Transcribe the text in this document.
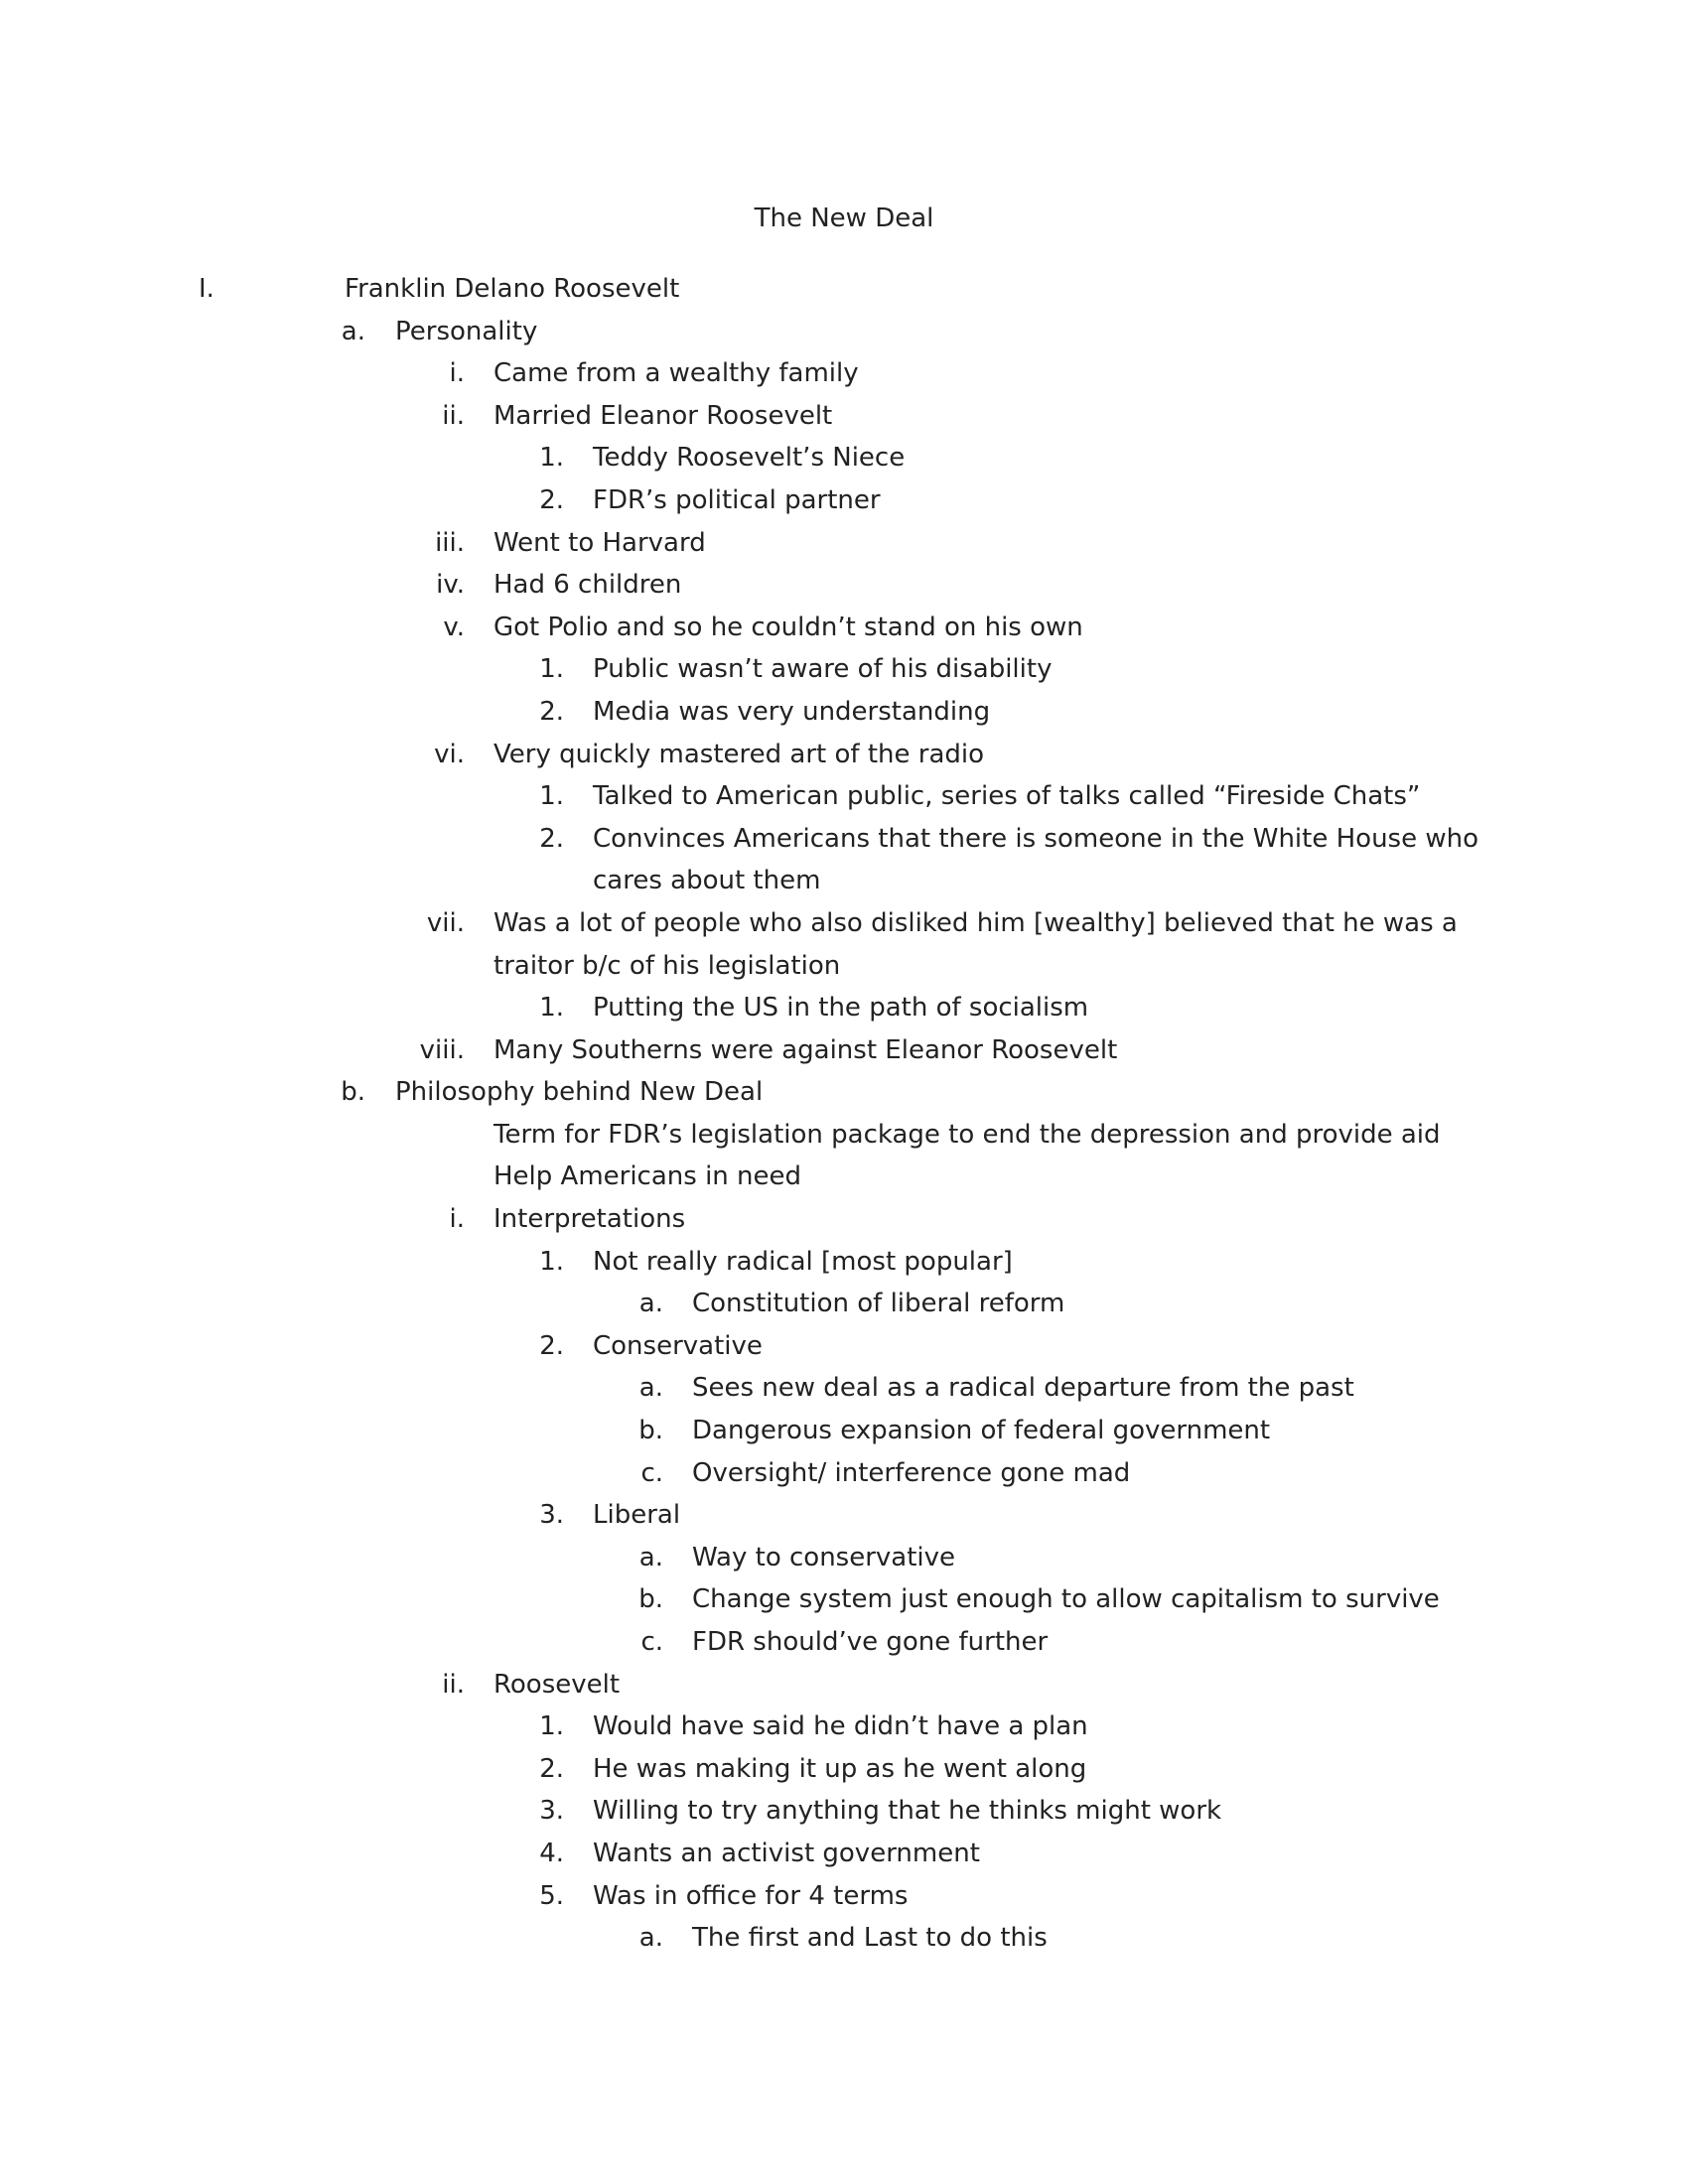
The New Deal
I.	Franklin Delano Roosevelt
a. Personality
i. Came from a wealthy family
ii. Married Eleanor Roosevelt
1. Teddy Roosevelt’s Niece
2. FDR’s political partner
iii. Went to Harvard
iv. Had 6 children
v. Got Polio and so he couldn’t stand on his own
1. Public wasn’t aware of his disability
2. Media was very understanding
vi. Very quickly mastered art of the radio
1. Talked to American public, series of talks called “Fireside Chats”
2. Convinces Americans that there is someone in the White House who
cares about them
vii. Was a lot of people who also disliked him [wealthy] believed that he was a
traitor b/c of his legislation
1. Putting the US in the path of socialism
viii. Many Southerns were against Eleanor Roosevelt
b. Philosophy behind New Deal
Term for FDR’s legislation package to end the depression and provide aid
Help Americans in need
i. Interpretations
1. Not really radical [most popular]
a. Constitution of liberal reform
2. Conservative
a. Sees new deal as a radical departure from the past
b. Dangerous expansion of federal government
c. Oversight/ interference gone mad
3. Liberal
a. Way to conservative
b. Change system just enough to allow capitalism to survive
c. FDR should’ve gone further
ii. Roosevelt
1. Would have said he didn’t have a plan
2. He was making it up as he went along
3. Willing to try anything that he thinks might work
4. Wants an activist government
5. Was in office for 4 terms
a. The first and Last to do this
